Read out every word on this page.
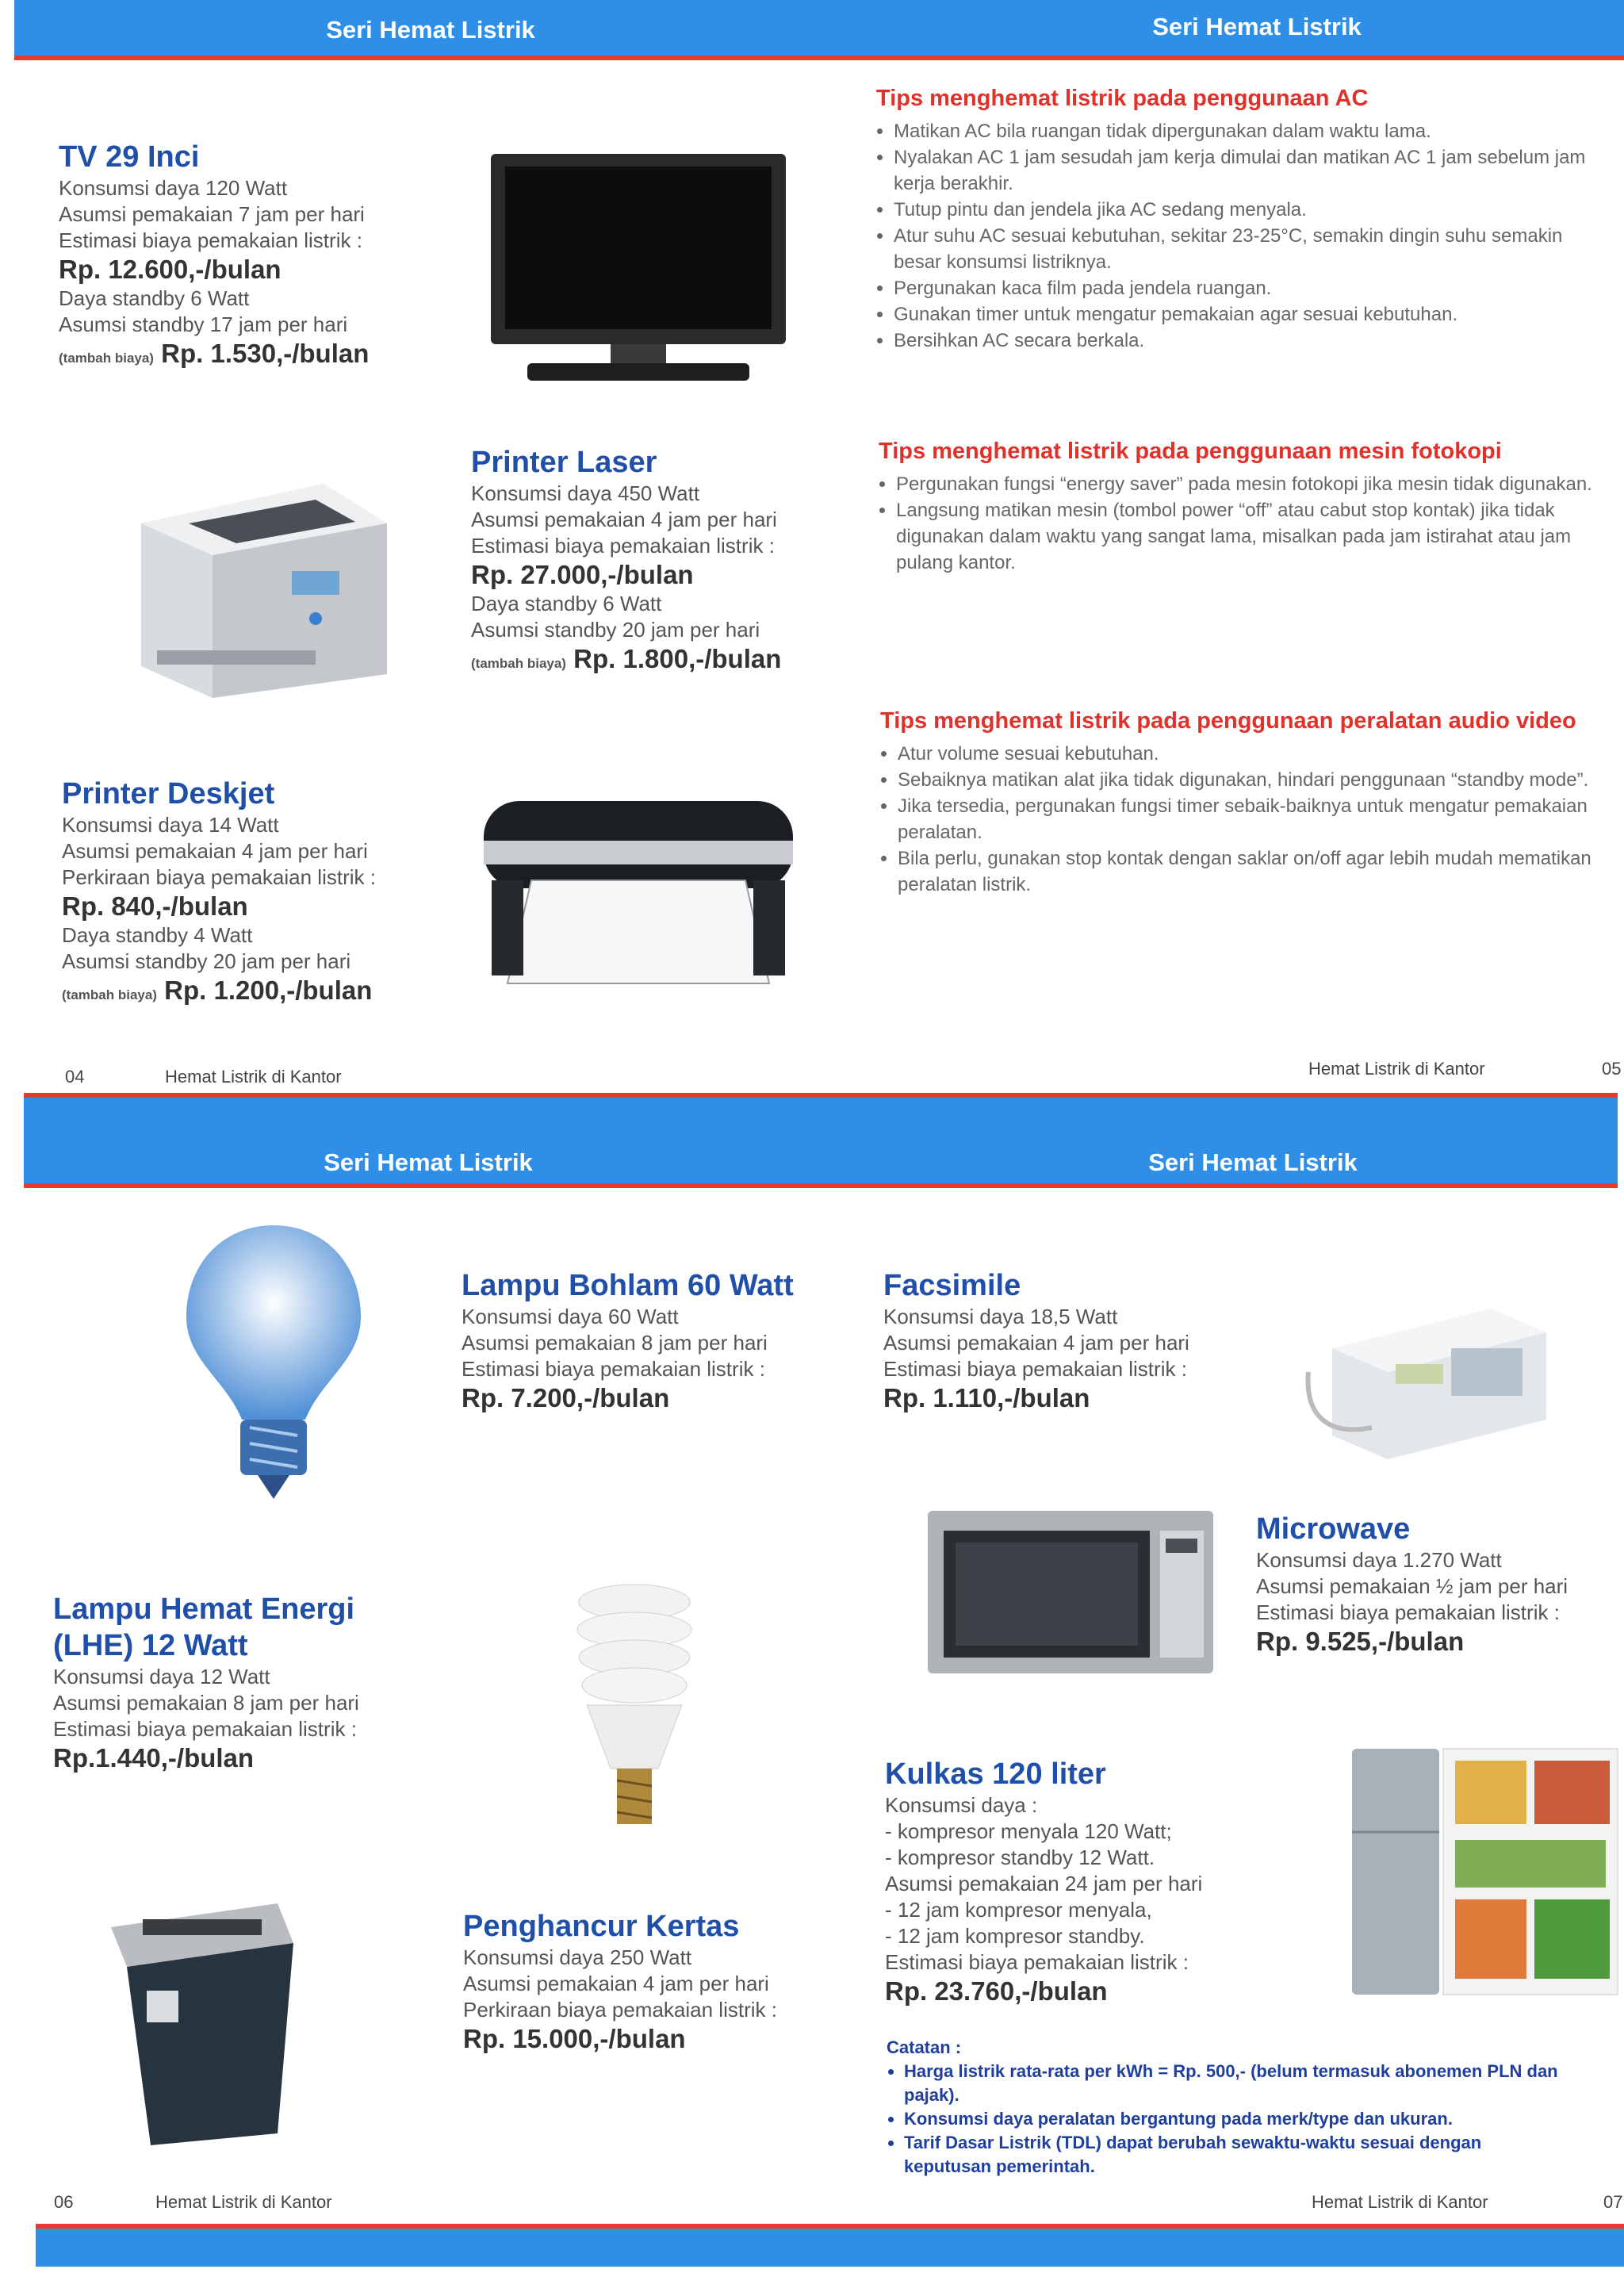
Seri Hemat Listrik	Seri Hemat Listrik

TV 29 Inci

Konsumsi daya 120 Watt

Asumsi pemakaian 7 jam per hari

Estimasi biaya pemakaian listrik :

Rp. 12.600,-/bulan

Daya standby 6 Watt

Asumsi standby 17 jam per hari

(tambah biaya) Rp. 1.530,-/bulan

Tips menghemat listrik pada penggunaan AC
• Matikan AC bila ruangan tidak dipergunakan dalam waktu lama.
• Nyalakan AC 1 jam sesudah jam kerja dimulai dan matikan AC 1 jam sebelum jam kerja berakhir.
• Tutup pintu dan jendela jika AC sedang menyala.
• Atur suhu AC sesuai kebutuhan, sekitar 23-25°C, semakin dingin suhu semakin besar konsumsi listriknya.
• Pergunakan kaca film pada jendela ruangan.
• Gunakan timer untuk mengatur pemakaian agar sesuai kebutuhan.
• Bersihkan AC secara berkala.

Printer Laser

Konsumsi daya 450 Watt

Asumsi pemakaian 4 jam per hari

Estimasi biaya pemakaian listrik :

Rp. 27.000,-/bulan

Daya standby 6 Watt

Asumsi standby 20 jam per hari

(tambah biaya) Rp. 1.800,-/bulan

Tips menghemat listrik pada penggunaan mesin fotokopi
• Pergunakan fungsi “energy saver” pada mesin fotokopi jika mesin tidak digunakan.
• Langsung matikan mesin (tombol power “off” atau cabut stop kontak) jika tidak digunakan dalam waktu yang sangat lama, misalkan pada jam istirahat atau jam pulang kantor.

Printer Deskjet

Konsumsi daya 14 Watt

Asumsi pemakaian 4 jam per hari

Perkiraan biaya pemakaian listrik :

Rp. 840,-/bulan

Daya standby 4 Watt

Asumsi standby 20 jam per hari

(tambah biaya) Rp. 1.200,-/bulan

Tips menghemat listrik pada penggunaan peralatan audio video
• Atur volume sesuai kebutuhan.
• Sebaiknya matikan alat jika tidak digunakan, hindari penggunaan “standby mode”.
• Jika tersedia, pergunakan fungsi timer sebaik-baiknya untuk mengatur pemakaian peralatan.
• Bila perlu, gunakan stop kontak dengan saklar on/off agar lebih mudah mematikan peralatan listrik.
04	Hemat Listrik di Kantor	Hemat Listrik di Kantor	05
Seri Hemat Listrik	Seri Hemat Listrik

Lampu Bohlam 60 Watt

Konsumsi daya 60 Watt

Asumsi pemakaian 8 jam per hari

Estimasi biaya pemakaian listrik :

Rp. 7.200,-/bulan

Facsimile

Konsumsi daya 18,5 Watt

Asumsi pemakaian 4 jam per hari

Estimasi biaya pemakaian listrik :

Rp. 1.110,-/bulan

Microwave

Konsumsi daya 1.270 Watt

Asumsi pemakaian ½ jam per hari

Estimasi biaya pemakaian listrik :

Rp. 9.525,-/bulan

Lampu Hemat Energi

(LHE) 12 Watt

Konsumsi daya 12 Watt

Asumsi pemakaian 8 jam per hari

Estimasi biaya pemakaian listrik :

Rp.1.440,-/bulan	Kulkas 120 liter

Konsumsi daya :

- kompresor menyala 120 Watt;

- kompresor standby 12 Watt.

Asumsi pemakaian 24 jam per hari

- 12 jam kompresor menyala,

- 12 jam kompresor standby.

Estimasi biaya pemakaian listrik :

Rp. 23.760,-/bulan

Penghancur Kertas

Konsumsi daya 250 Watt

Asumsi pemakaian 4 jam per hari

Perkiraan biaya pemakaian listrik :

Rp. 15.000,-/bulan	Catatan :
• Harga listrik rata-rata per kWh = Rp. 500,- (belum termasuk abonemen PLN dan pajak).
• Konsumsi daya peralatan bergantung pada merk/type dan ukuran.
• Tarif Dasar Listrik (TDL) dapat berubah sewaktu-waktu sesuai dengan keputusan pemerintah.
06	Hemat Listrik di Kantor	Hemat Listrik di Kantor	07
